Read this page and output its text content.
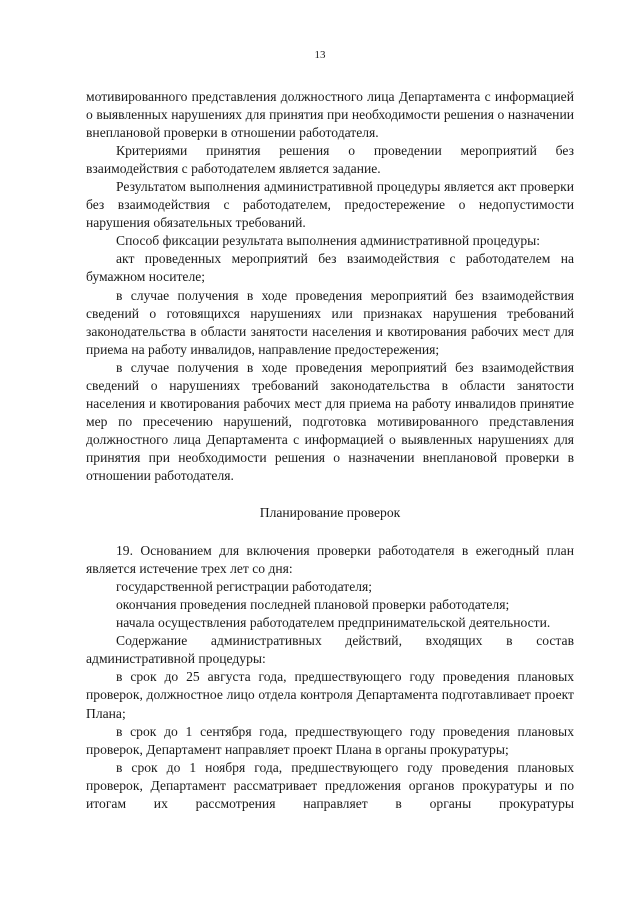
13

мотивированного представления должностного лица Департамента с информацией о выявленных нарушениях для принятия при необходимости решения о назначении внеплановой проверки в отношении работодателя.

Критериями принятия решения о проведении мероприятий без взаимодействия с работодателем является задание.

Результатом выполнения административной процедуры является акт проверки без взаимодействия с работодателем, предостережение о недопустимости нарушения обязательных требований.

Способ фиксации результата выполнения административной процедуры:

акт проведенных мероприятий без взаимодействия с работодателем на бумажном носителе;

в случае получения в ходе проведения мероприятий без взаимодействия сведений о готовящихся нарушениях или признаках нарушения требований законодательства в области занятости населения и квотирования рабочих мест для приема на работу инвалидов, направление предостережения;

в случае получения в ходе проведения мероприятий без взаимодействия сведений о нарушениях требований законодательства в области занятости населения и квотирования рабочих мест для приема на работу инвалидов принятие мер по пресечению нарушений, подготовка мотивированного представления должностного лица Департамента с информацией о выявленных нарушениях для принятия при необходимости решения о назначении внеплановой проверки в отношении работодателя.

Планирование проверок

19. Основанием для включения проверки работодателя в ежегодный план является истечение трех лет со дня:

государственной регистрации работодателя;

окончания проведения последней плановой проверки работодателя;

начала осуществления работодателем предпринимательской деятельности.

Содержание административных действий, входящих в состав административной процедуры:

в срок до 25 августа года, предшествующего году проведения плановых проверок, должностное лицо отдела контроля Департамента подготавливает проект Плана;

в срок до 1 сентября года, предшествующего году проведения плановых проверок, Департамент направляет проект Плана в органы прокуратуры;

в срок до 1 ноября года, предшествующего году проведения плановых проверок, Департамент рассматривает предложения органов прокуратуры и по итогам их рассмотрения направляет в органы прокуратуры
